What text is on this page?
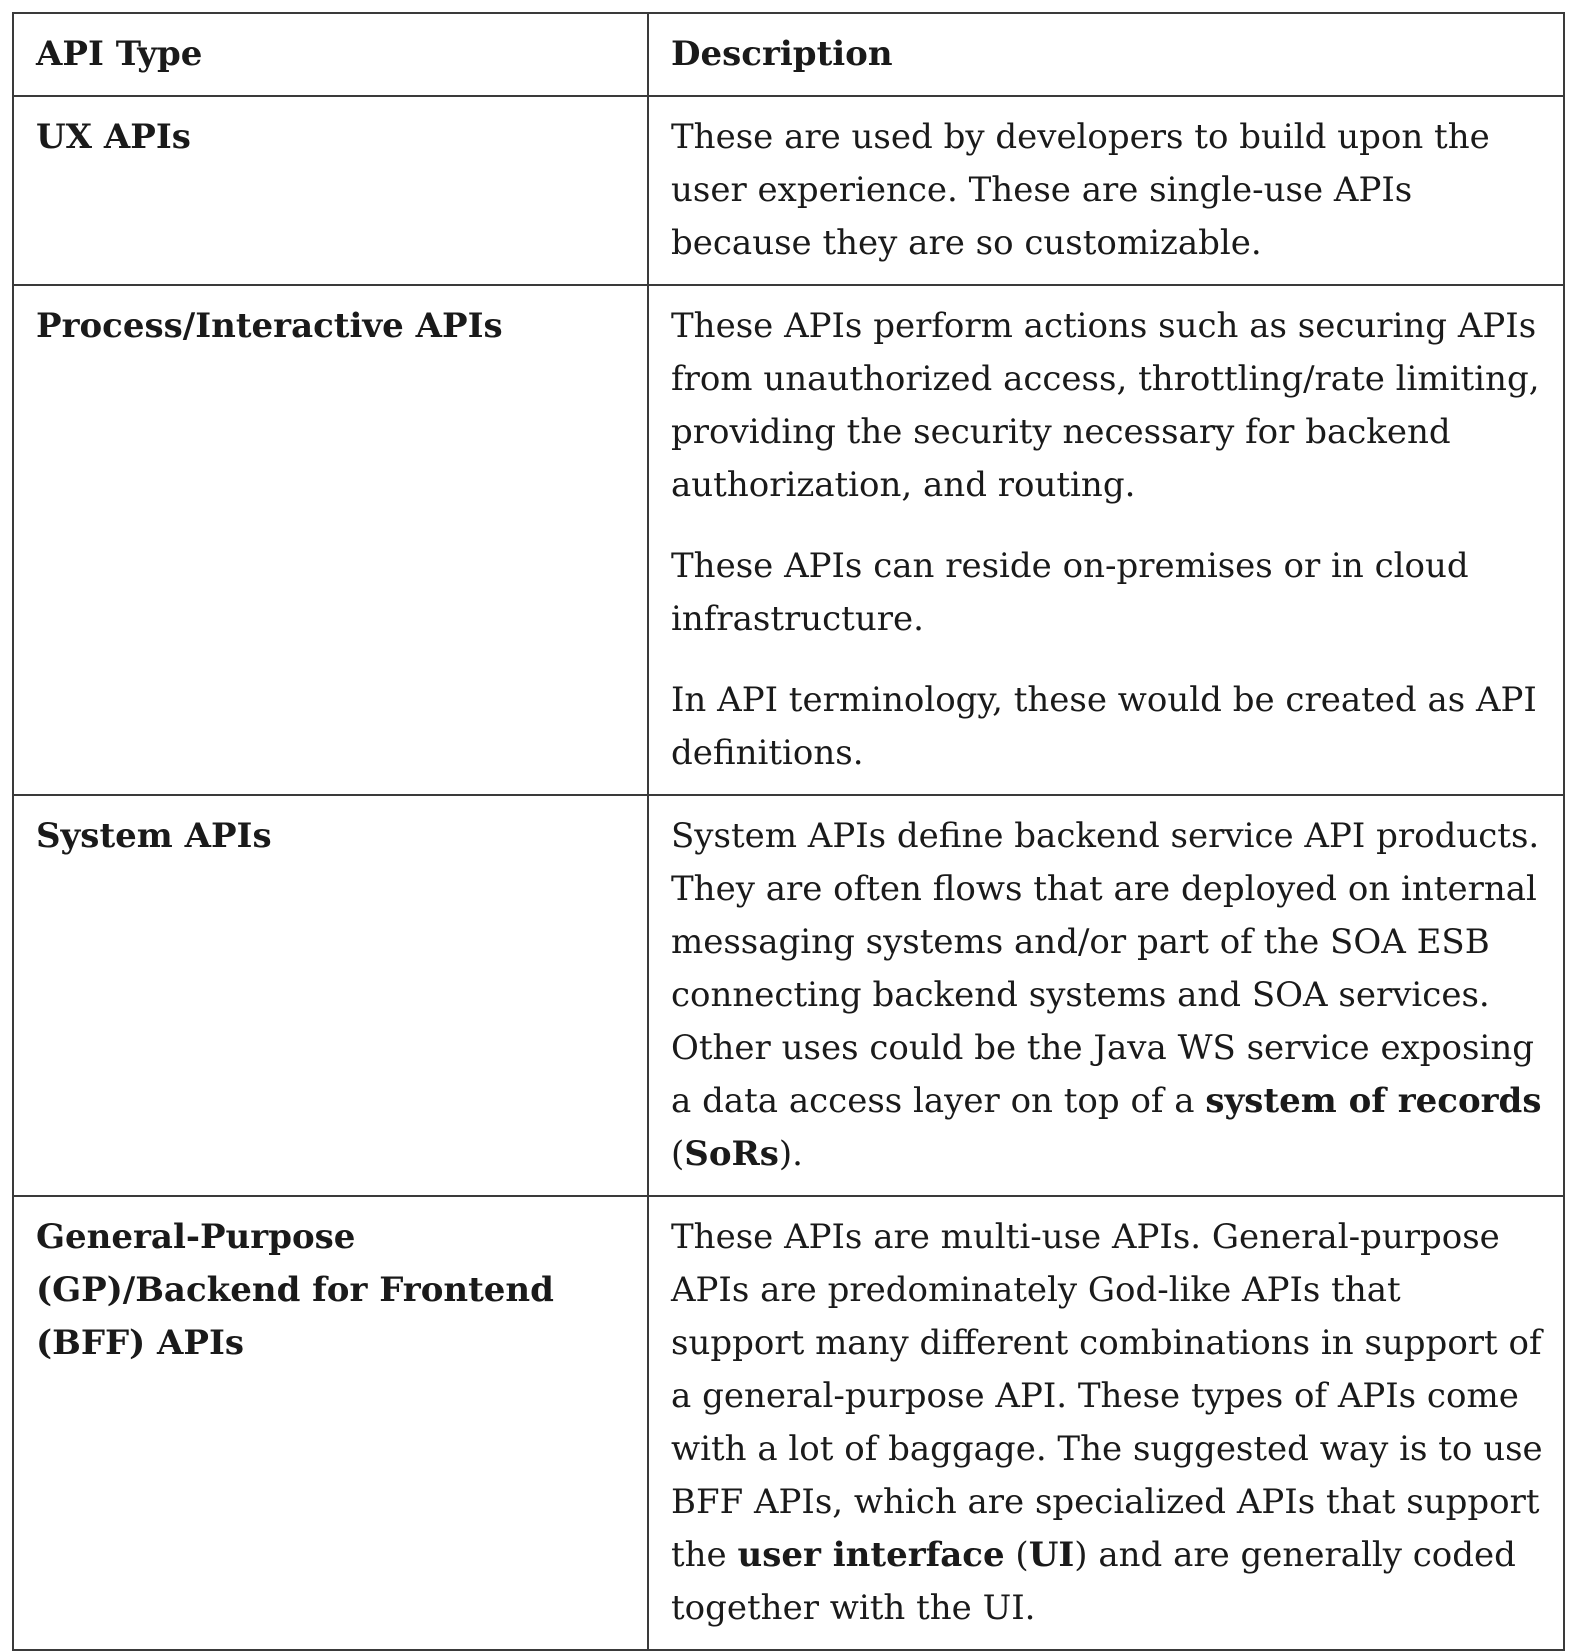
API Type	Description
UX APIs	These are used by developers to build upon the user experience. These are single-use APIs because they are so customizable.

Process/Interactive APIs	These APIs perform actions such as securing APIs from unauthorized access, throttling/rate limiting, providing the security necessary for backend authorization, and routing.

These APIs can reside on-premises or in cloud infrastructure.

In API terminology, these would be created as API definitions.

System APIs	System APIs define backend service API products. They are often flows that are deployed on internal messaging systems and/or part of the SOA ESB connecting backend systems and SOA services. Other uses could be the Java WS service exposing a data access layer on top of a system of records (SoRs).

General-Purpose (GP)/Backend for Frontend (BFF) APIs	These APIs are multi-use APIs. General-purpose APIs are predominately God-like APIs that support many different combinations in support of a general-purpose API. These types of APIs come with a lot of baggage. The suggested way is to use BFF APIs, which are specialized APIs that support the user interface (UI) and are generally coded together with the UI.
